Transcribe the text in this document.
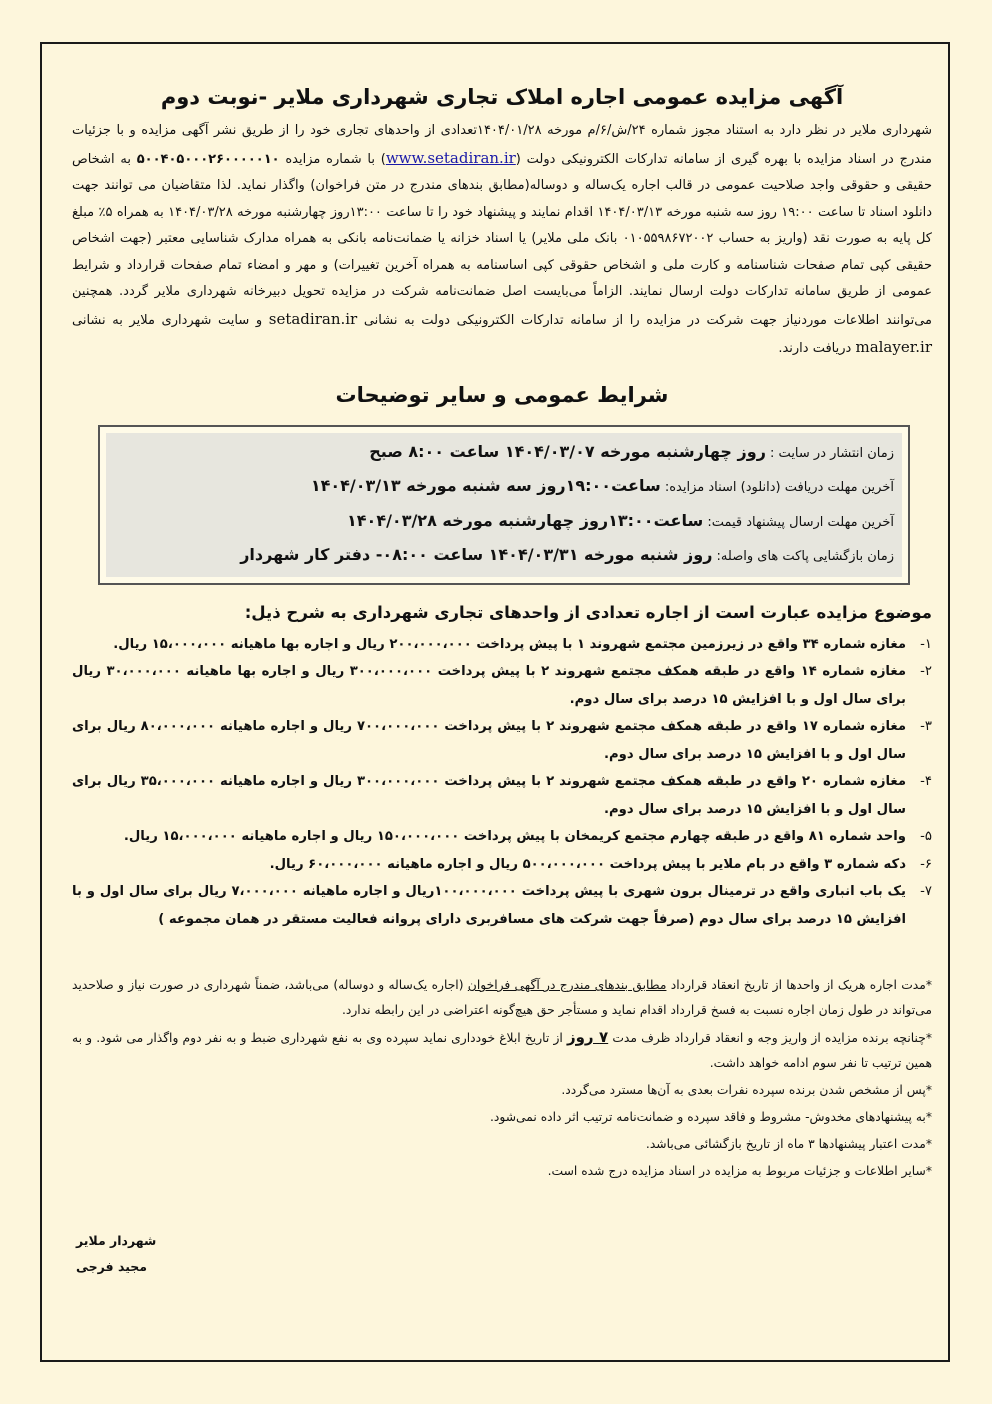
آگهی مزایده عمومی اجاره املاک تجاری شهرداری ملایر -نوبت دوم

شهرداری ملایر در نظر دارد به استناد مجوز شماره ۲۴/ش/۶/م مورخه ۱۴۰۴/۰۱/۲۸تعدادی از واحدهای تجاری خود را از طریق نشر آگهی مزایده و با جزئیات مندرج در اسناد مزایده با بهره گیری از سامانه تدارکات الکترونیکی دولت (www.setadiran.ir) با شماره مزایده ۵۰۰۴۰۵۰۰۰۲۶۰۰۰۰۰۱۰ به اشخاص حقیقی و حقوقی واجد صلاحیت عمومی در قالب اجاره یک‌ساله و دوساله(مطابق بندهای مندرج در متن فراخوان) واگذار نماید. لذا متقاضیان می توانند جهت دانلود اسناد تا ساعت ۱۹:۰۰ روز سه شنبه مورخه ۱۴۰۴/۰۳/۱۳ اقدام نمایند و پیشنهاد خود را تا ساعت ۱۳:۰۰روز چهارشنبه مورخه ۱۴۰۴/۰۳/۲۸ به همراه ۵٪ مبلغ کل پایه به صورت نقد (واریز به حساب ۰۱۰۵۵۹۸۶۷۲۰۰۲ بانک ملی ملایر) یا اسناد خزانه یا ضمانت‌نامه بانکی به همراه مدارک شناسایی معتبر (جهت اشخاص حقیقی کپی تمام صفحات شناسنامه و کارت ملی و اشخاص حقوقی کپی اساسنامه به همراه آخرین تغییرات) و مهر و امضاء تمام صفحات قرارداد و شرایط عمومی از طریق سامانه تدارکات دولت ارسال نمایند. الزاماً می‌بایست اصل ضمانت‌نامه شرکت در مزایده تحویل دبیرخانه شهرداری ملایر گردد. همچنین می‌توانند اطلاعات موردنیاز جهت شرکت در مزایده را از سامانه تدارکات الکترونیکی دولت به نشانی setadiran.ir و سایت شهرداری ملایر به نشانی malayer.ir دریافت دارند.

شرایط عمومی و سایر توضیحات
زمان انتشار در سایت : روز چهارشنبه مورخه ۱۴۰۴/۰۳/۰۷ ساعت ۸:۰۰ صبح
آخرین مهلت دریافت (دانلود) اسناد مزایده: ساعت۱۹:۰۰روز سه شنبه مورخه ۱۴۰۴/۰۳/۱۳
آخرین مهلت ارسال پیشنهاد قیمت: ساعت۱۳:۰۰روز چهارشنبه مورخه ۱۴۰۴/۰۳/۲۸
زمان بازگشایی پاکت های واصله: روز شنبه مورخه ۱۴۰۴/۰۳/۳۱ ساعت ۰۸:۰۰- دفتر کار شهردار
موضوع مزایده عبارت است از اجاره تعدادی از واحدهای تجاری شهرداری به شرح ذیل:
۱-
مغازه شماره ۳۴ واقع در زیرزمین مجتمع شهروند ۱ با پیش پرداخت ۲۰۰،۰۰۰،۰۰۰ ریال و اجاره بها ماهیانه ۱۵،۰۰۰،۰۰۰ ریال.
۲-
مغازه شماره ۱۴ واقع در طبقه همکف مجتمع شهروند ۲ با پیش پرداخت ۳۰۰،۰۰۰،۰۰۰ ریال و اجاره بها ماهیانه ۳۰،۰۰۰،۰۰۰ ریال برای سال اول و با افزایش ۱۵ درصد برای سال دوم.
۳-
مغازه شماره ۱۷ واقع در طبقه همکف مجتمع شهروند ۲ با پیش پرداخت ۷۰۰،۰۰۰،۰۰۰ ریال و اجاره ماهیانه ۸۰،۰۰۰،۰۰۰ ریال برای سال اول و با افزایش ۱۵ درصد برای سال دوم.
۴-
مغازه شماره ۲۰ واقع در طبقه همکف مجتمع شهروند ۲ با پیش پرداخت ۳۰۰،۰۰۰،۰۰۰ ریال و اجاره ماهیانه ۳۵،۰۰۰،۰۰۰ ریال برای سال اول و با افزایش ۱۵ درصد برای سال دوم.
۵-
واحد شماره ۸۱ واقع در طبقه چهارم مجتمع کریمخان با پیش پرداخت ۱۵۰،۰۰۰،۰۰۰ ریال و اجاره ماهیانه ۱۵،۰۰۰،۰۰۰ ریال.
۶-
دکه شماره ۳ واقع در بام ملایر با پیش پرداخت ۵۰۰،۰۰۰،۰۰۰ ریال و اجاره ماهیانه ۶۰،۰۰۰،۰۰۰ ریال.
۷-
یک باب انباری واقع در ترمینال برون شهری با پیش پرداخت ۱۰۰،۰۰۰،۰۰۰ریال و اجاره ماهیانه ۷،۰۰۰،۰۰۰ ریال برای سال اول و با افزایش ۱۵ درصد برای سال دوم (صرفاً جهت شرکت های مسافربری دارای پروانه فعالیت مستقر در همان مجموعه )

*مدت اجاره هریک از واحدها از تاریخ انعقاد قرارداد مطابق بندهای مندرج در آگهی فراخوان (اجاره یک‌ساله و دوساله) می‌باشد، ضمناً شهرداری در صورت نیاز و صلاحدید می‌تواند در طول زمان اجاره نسبت به فسخ قرارداد اقدام نماید و مستأجر حق هیچ‌گونه اعتراضی در این رابطه ندارد.

*چنانچه برنده مزایده از واریز وجه و انعقاد قرارداد ظرف مدت ۷ روز از تاریخ ابلاغ خودداری نماید سپرده وی به نفع شهرداری ضبط و به نفر دوم واگذار می شود. و به همین ترتیب تا نفر سوم ادامه خواهد داشت.

*پس از مشخص شدن برنده سپرده نفرات بعدی به آن‌ها مسترد می‌گردد.

*به پیشنهادهای مخدوش- مشروط و فاقد سپرده و ضمانت‌نامه ترتیب اثر داده نمی‌شود.

*مدت اعتبار پیشنهادها ۳ ماه از تاریخ بازگشائی می‌باشد.

*سایر اطلاعات و جزئیات مربوط به مزایده در اسناد مزایده درج شده است.

شهردار ملایر
مجید فرجی
